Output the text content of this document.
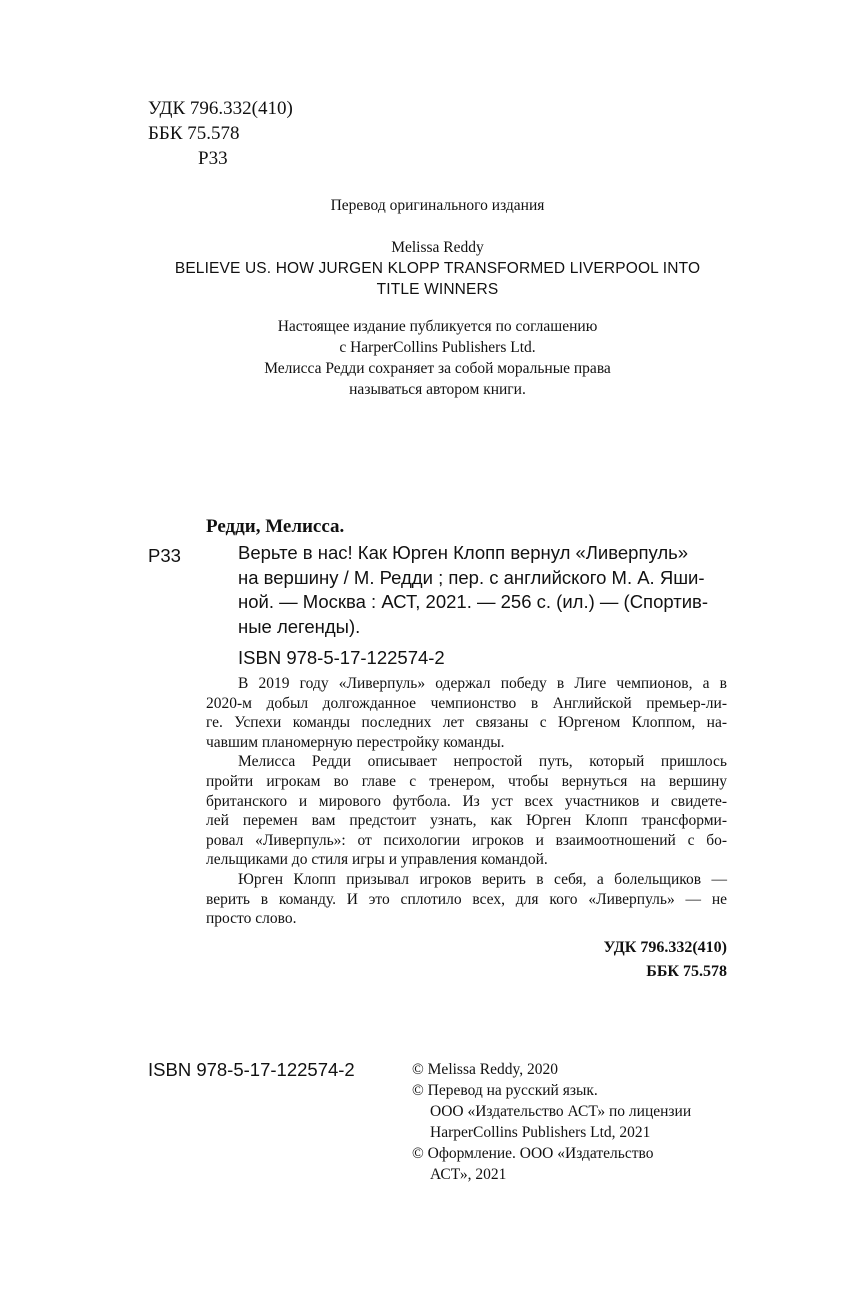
УДК 796.332(410)
ББК 75.578
Р33
Перевод оригинального издания
Melissa Reddy
BELIEVE US. HOW JURGEN KLOPP TRANSFORMED LIVERPOOL INTO
TITLE WINNERS
Настоящее издание публикуется по соглашению
с HarperCollins Publishers Ltd.
Мелисса Редди сохраняет за собой моральные права
называться автором книги.
Редди, Мелисса.
Р33	Верьте в нас! Как Юрген Клопп вернул «Ливерпуль»
на вершину / М. Редди ; пер. с английского М. А. Яши-
ной. — Москва : АСТ, 2021. — 256 с. (ил.) — (Спортив-
ные легенды).
ISBN 978-5-17-122574-2
В 2019 году «Ливерпуль» одержал победу в Лиге чемпионов, а в
2020-м добыл долгожданное чемпионство в Английской премьер-ли-
ге. Успехи команды последних лет связаны с Юргеном Клоппом, на-
чавшим планомерную перестройку команды.
Мелисса Редди описывает непростой путь, который пришлось
пройти игрокам во главе с тренером, чтобы вернуться на вершину
британского и мирового футбола. Из уст всех участников и свидете-
лей перемен вам предстоит узнать, как Юрген Клопп трансформи-
ровал «Ливерпуль»: от психологии игроков и взаимоотношений с бо-
лельщиками до стиля игры и управления командой.
Юрген Клопп призывал игроков верить в себя, а болельщиков —
верить в команду. И это сплотило всех, для кого «Ливерпуль» — не
просто слово.
УДК 796.332(410)
ББК 75.578
ISBN 978-5-17-122574-2	© Melissa Reddy, 2020
© Перевод на русский язык.
ООО «Издательство АСТ» по лицензии
HarperCollins Publishers Ltd, 2021
© Оформление. ООО «Издательство
АСТ», 2021
